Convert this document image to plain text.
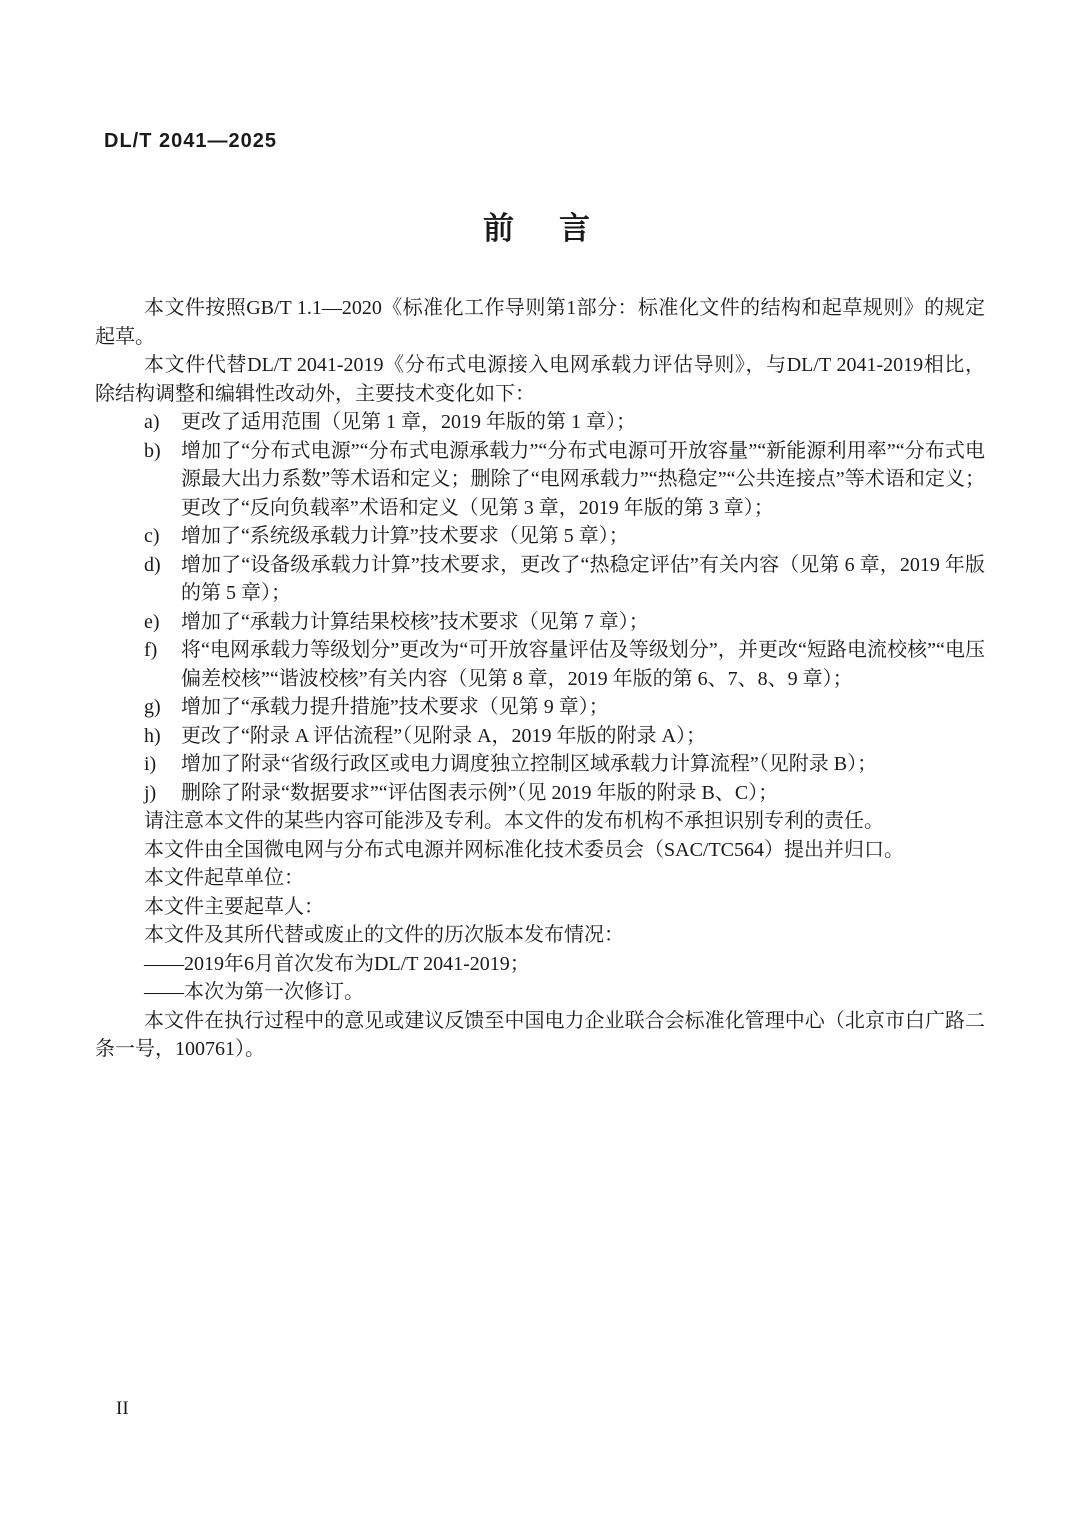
DL/T 2041—2025
前　言

本文件按照GB/T 1.1—2020《标准化工作导则第1部分：标准化文件的结构和起草规则》的规定起草。

本文件代替DL/T 2041-2019《分布式电源接入电网承载力评估导则》，与DL/T 2041-2019相比，除结构调整和编辑性改动外，主要技术变化如下：

a) 更改了适用范围（见第 1 章，2019 年版的第 1 章）；
b) 增加了“分布式电源”“分布式电源承载力”“分布式电源可开放容量”“新能源利用率”“分布式电源最大出力系数”等术语和定义；删除了“电网承载力”“热稳定”“公共连接点”等术语和定义；更改了“反向负载率”术语和定义（见第 3 章，2019 年版的第 3 章）；
c) 增加了“系统级承载力计算”技术要求（见第 5 章）；
d) 增加了“设备级承载力计算”技术要求，更改了“热稳定评估”有关内容（见第 6 章，2019 年版的第 5 章）；
e) 增加了“承载力计算结果校核”技术要求（见第 7 章）；
f) 将“电网承载力等级划分”更改为“可开放容量评估及等级划分”，并更改“短路电流校核”“电压偏差校核”“谐波校核”有关内容（见第 8 章，2019 年版的第 6、7、8、9 章）；
g) 增加了“承载力提升措施”技术要求（见第 9 章）；
h) 更改了“附录 A 评估流程”（见附录 A，2019 年版的附录 A）；
i) 增加了附录“省级行政区或电力调度独立控制区域承载力计算流程”（见附录 B）；
j) 删除了附录“数据要求”“评估图表示例”（见 2019 年版的附录 B、C）；

请注意本文件的某些内容可能涉及专利。本文件的发布机构不承担识别专利的责任。

本文件由全国微电网与分布式电源并网标准化技术委员会（SAC/TC564）提出并归口。

本文件起草单位：

本文件主要起草人：

本文件及其所代替或废止的文件的历次版本发布情况：

——2019年6月首次发布为DL/T 2041-2019；

——本次为第一次修订。

本文件在执行过程中的意见或建议反馈至中国电力企业联合会标准化管理中心（北京市白广路二条一号，100761）。

II
